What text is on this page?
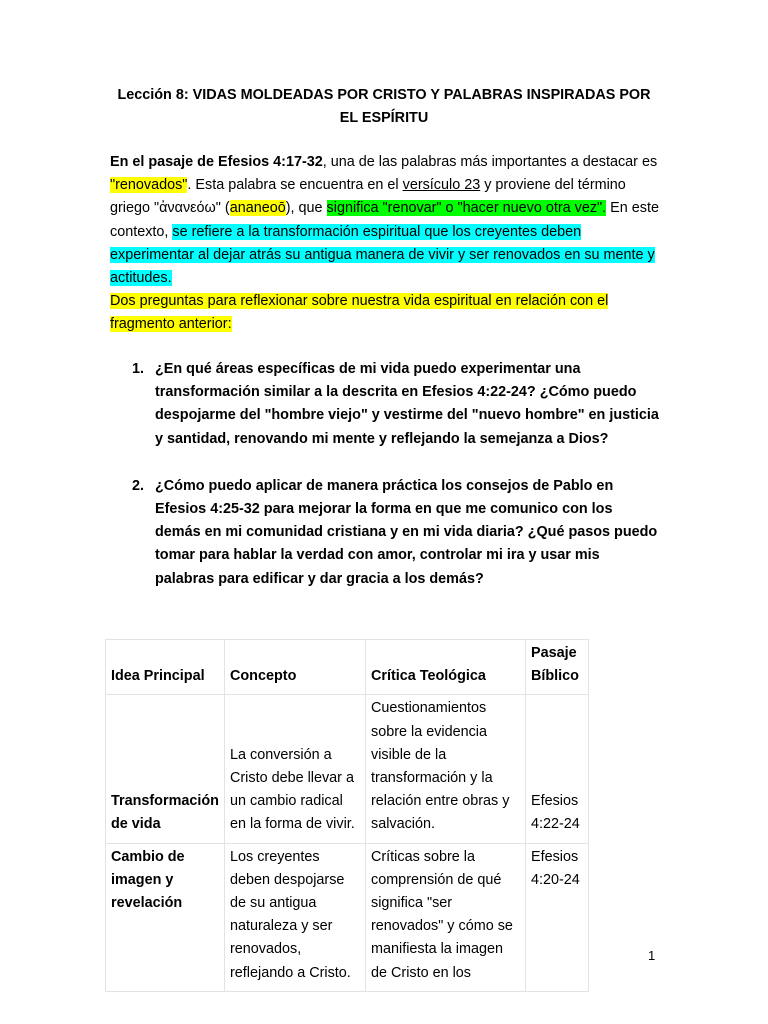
Lección 8: VIDAS MOLDEADAS POR CRISTO Y PALABRAS INSPIRADAS POR
EL ESPÍRITU
En el pasaje de Efesios 4:17-32, una de las palabras más importantes a destacar es "renovados". Esta palabra se encuentra en el versículo 23 y proviene del término griego "ἀνανεόω" (ananeoō), que significa "renovar" o "hacer nuevo otra vez". En este contexto, se refiere a la transformación espiritual que los creyentes deben experimentar al dejar atrás su antigua manera de vivir y ser renovados en su mente y actitudes.
Dos preguntas para reflexionar sobre nuestra vida espiritual en relación con el fragmento anterior:
1. ¿En qué áreas específicas de mi vida puedo experimentar una transformación similar a la descrita en Efesios 4:22-24? ¿Cómo puedo despojarme del "hombre viejo" y vestirme del "nuevo hombre" en justicia y santidad, renovando mi mente y reflejando la semejanza a Dios?
2. ¿Cómo puedo aplicar de manera práctica los consejos de Pablo en Efesios 4:25-32 para mejorar la forma en que me comunico con los demás en mi comunidad cristiana y en mi vida diaria? ¿Qué pasos puedo tomar para hablar la verdad con amor, controlar mi ira y usar mis palabras para edificar y dar gracia a los demás?
Idea Principal	Concepto	Crítica Teológica	Pasaje Bíblico
Transformación de vida	La conversión a Cristo debe llevar a un cambio radical en la forma de vivir.	Cuestionamientos sobre la evidencia visible de la transformación y la relación entre obras y salvación.	Efesios 4:22-24
Cambio de imagen y revelación	Los creyentes deben despojarse de su antigua naturaleza y ser renovados, reflejando a Cristo.	Críticas sobre la comprensión de qué significa "ser renovados" y cómo se manifiesta la imagen de Cristo en los	Efesios 4:20-24
1
